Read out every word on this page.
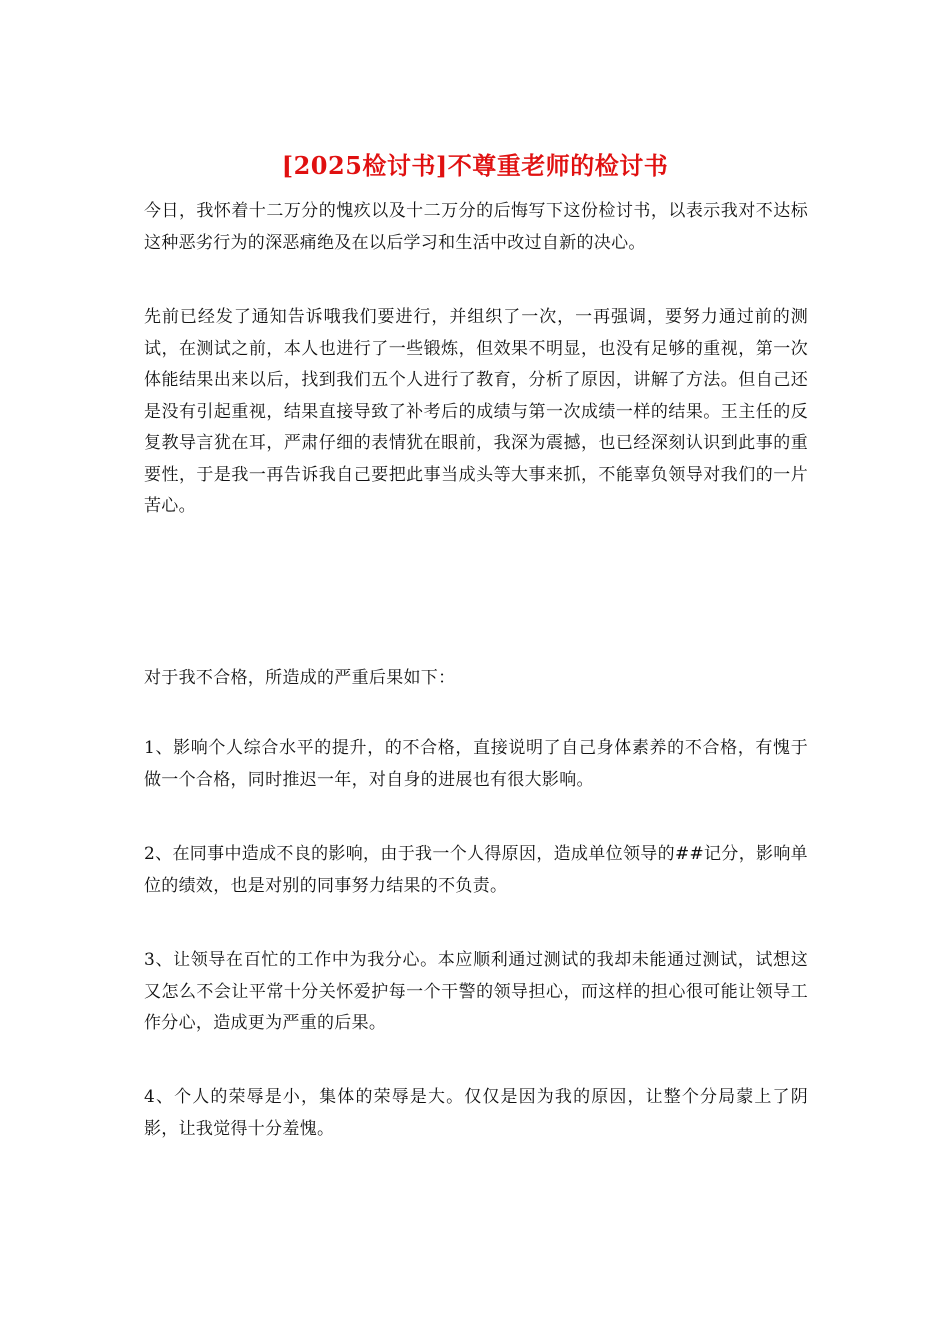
[2025检讨书]不尊重老师的检讨书

今日，我怀着十二万分的愧疚以及十二万分的后悔写下这份检讨书，以表示我对不达标这种恶劣行为的深恶痛绝及在以后学习和生活中改过自新的决心。

先前已经发了通知告诉哦我们要进行，并组织了一次，一再强调，要努力通过前的测试，在测试之前，本人也进行了一些锻炼，但效果不明显，也没有足够的重视，第一次体能结果出来以后，找到我们五个人进行了教育，分析了原因，讲解了方法。但自己还是没有引起重视，结果直接导致了补考后的成绩与第一次成绩一样的结果。王主任的反复教导言犹在耳，严肃仔细的表情犹在眼前，我深为震撼，也已经深刻认识到此事的重要性，于是我一再告诉我自己要把此事当成头等大事来抓，不能辜负领导对我们的一片苦心。

对于我不合格，所造成的严重后果如下：

1、影响个人综合水平的提升，的不合格，直接说明了自己身体素养的不合格，有愧于做一个合格，同时推迟一年，对自身的进展也有很大影响。

2、在同事中造成不良的影响，由于我一个人得原因，造成单位领导的##记分，影响单位的绩效，也是对别的同事努力结果的不负责。

3、让领导在百忙的工作中为我分心。本应顺利通过测试的我却未能通过测试，试想这又怎么不会让平常十分关怀爱护每一个干警的领导担心，而这样的担心很可能让领导工作分心，造成更为严重的后果。

4、个人的荣辱是小，集体的荣辱是大。仅仅是因为我的原因，让整个分局蒙上了阴影，让我觉得十分羞愧。
